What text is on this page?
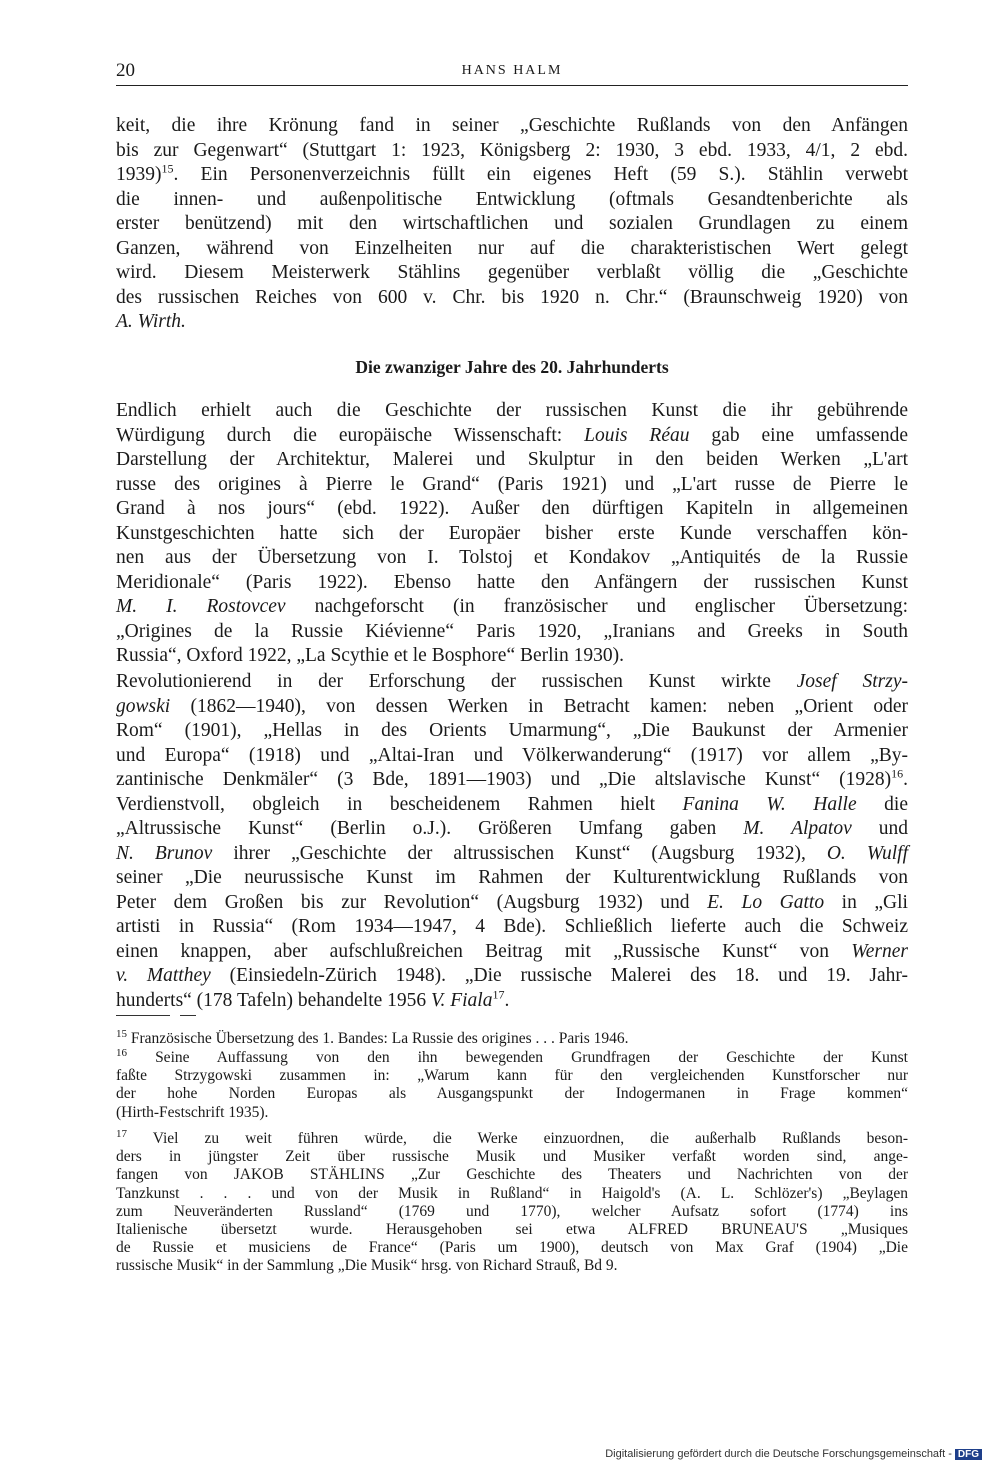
20	HANS HALM
keit, die ihre Krönung fand in seiner „Geschichte Rußlands von den Anfängen
bis zur Gegenwart“ (Stuttgart 1: 1923, Königsberg 2: 1930, 3 ebd. 1933, 4/1, 2 ebd.
1939)$^{15}$. Ein Personenverzeichnis füllt ein eigenes Heft (59 S.). Stählin verwebt
die innen- und außenpolitische Entwicklung (oftmals Gesandtenberichte als
erster benützend) mit den wirtschaftlichen und sozialen Grundlagen zu einem
Ganzen, während von Einzelheiten nur auf die charakteristischen Wert gelegt
wird. Diesem Meisterwerk Stählins gegenüber verblaßt völlig die „Geschichte
des russischen Reiches von 600 v. Chr. bis 1920 n. Chr.“ (Braunschweig 1920) von
A. Wirth.
Die zwanziger Jahre des 20. Jahrhunderts
Endlich erhielt auch die Geschichte der russischen Kunst die ihr gebührende
Würdigung durch die europäische Wissenschaft: Louis Réau gab eine umfassende
Darstellung der Architektur, Malerei und Skulptur in den beiden Werken „L'art
russe des origines à Pierre le Grand“ (Paris 1921) und „L'art russe de Pierre le
Grand à nos jours“ (ebd. 1922). Außer den dürftigen Kapiteln in allgemeinen
Kunstgeschichten hatte sich der Europäer bisher erste Kunde verschaffen kön-
nen aus der Übersetzung von I. Tolstoj et Kondakov „Antiquités de la Russie
Meridionale“ (Paris 1922). Ebenso hatte den Anfängern der russischen Kunst
M. I. Rostovcev nachgeforscht (in französischer und englischer Übersetzung:
„Origines de la Russie Kiévienne“ Paris 1920, „Iranians and Greeks in South
Russia“, Oxford 1922, „La Scythie et le Bosphore“ Berlin 1930).
Revolutionierend in der Erforschung der russischen Kunst wirkte Josef Strzy-
gowski (1862—1940), von dessen Werken in Betracht kamen: neben „Orient oder
Rom“ (1901), „Hellas in des Orients Umarmung“, „Die Baukunst der Armenier
und Europa“ (1918) und „Altai-Iran und Völkerwanderung“ (1917) vor allem „By-
zantinische Denkmäler“ (3 Bde, 1891—1903) und „Die altslavische Kunst“ $(1928)^{16}$.
Verdienstvoll, obgleich in bescheidenem Rahmen hielt Fanina W. Halle die
„Altrussische Kunst“ (Berlin o.J.). Größeren Umfang gaben M. Alpatov und
N. Brunov ihrer „Geschichte der altrussischen Kunst“ (Augsburg 1932), O. Wulff
seiner „Die neurussische Kunst im Rahmen der Kulturentwicklung Rußlands von
Peter dem Großen bis zur Revolution“ (Augsburg 1932) und E. Lo Gatto in „Gli
artisti in Russia“ (Rom 1934—1947, 4 Bde). Schließlich lieferte auch die Schweiz
einen knappen, aber aufschlußreichen Beitrag mit „Russische Kunst“ von Werner
v. Matthey (Einsiedeln-Zürich 1948). „Die russische Malerei des 18. und 19. Jahr-
hunderts“ (178 Tafeln) behandelte 1956 V. Fiala$^{17}$.
$^{15}$ Französische Übersetzung des 1. Bandes: La Russie des origines . . . Paris 1946.
$^{16}$ Seine Auffassung von den ihn bewegenden Grundfragen der Geschichte der Kunst
faßte Strzygowski zusammen in: „Warum kann für den vergleichenden Kunstforscher nur
der hohe Norden Europas als Ausgangspunkt der Indogermanen in Frage kommen“
(Hirth-Festschrift 1935).
$^{17}$ Viel zu weit führen würde, die Werke einzuordnen, die außerhalb Rußlands beson-
ders in jüngster Zeit über russische Musik und Musiker verfaßt worden sind, ange-
fangen von JAKOB STÄHLINS „Zur Geschichte des Theaters und Nachrichten von der
Tanzkunst . . . und von der Musik in Rußland“ in Haigold's (A. L. Schlözer's) „Beylagen
zum Neuveränderten Russland“ (1769 und 1770), welcher Aufsatz sofort (1774) ins
Italienische übersetzt wurde. Herausgehoben sei etwa ALFRED BRUNEAU'S „Musiques
de Russie et musiciens de France“ (Paris um 1900), deutsch von Max Graf (1904) „Die
russische Musik“ in der Sammlung „Die Musik“ hrsg. von Richard Strauß, Bd 9.
Digitalisierung gefördert durch die Deutsche Forschungsgemeinschaft - DFG
